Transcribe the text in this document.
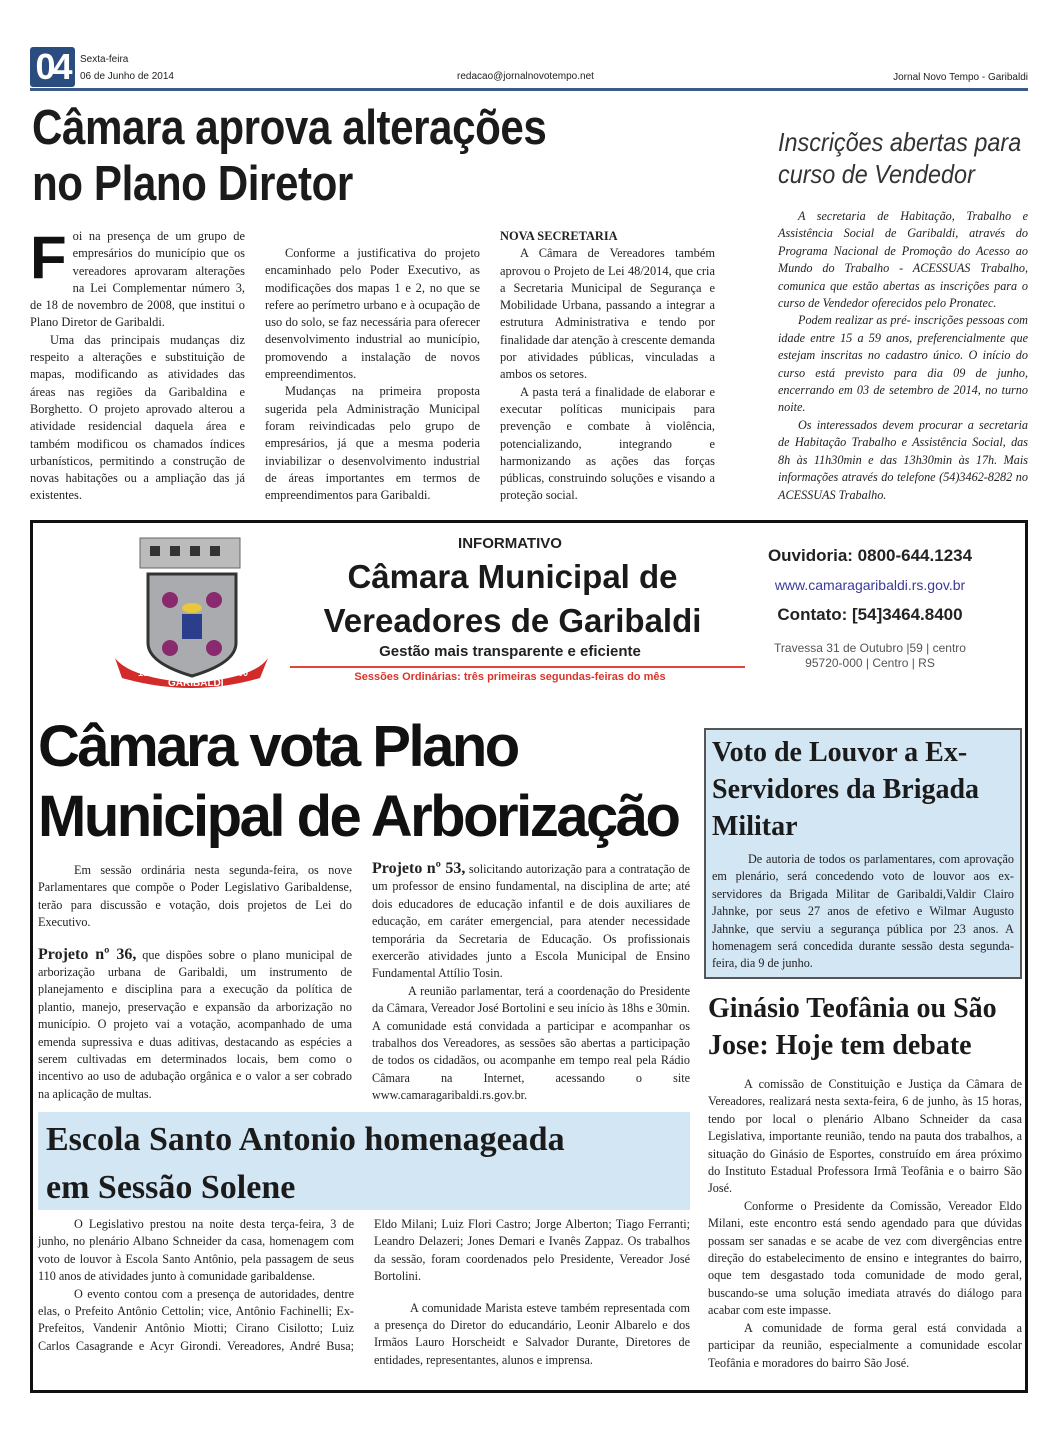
04	Sexta-feira
06 de Junho de 2014	redacao@jornalnovotempo.net	Jornal Novo Tempo - Garibaldi
Câmara aprova alterações
no Plano Diretor
F oi na presença de um grupo de empresários do município que os vereadores aprovaram alterações na Lei Complementar número 3, de 18 de novembro de 2008, que institui o Plano Diretor de Garibaldi.

Uma das principais mudanças diz respeito a alterações e substituição de mapas, modificando as atividades das áreas nas regiões da Garibaldina e Borghetto. O projeto aprovado alterou a atividade residencial daquela área e também modificou os chamados índices urbanísticos, permitindo a construção de novas habitações ou a ampliação das já existentes.

Conforme a justificativa do projeto encaminhado pelo Poder Executivo, as modificações dos mapas 1 e 2, no que se refere ao perímetro urbano e à ocupação de uso do solo, se faz necessária para oferecer desenvolvimento industrial ao município, promovendo a instalação de novos empreendimentos.

Mudanças na primeira proposta sugerida pela Administração Municipal foram reivindicadas pelo grupo de empresários, já que a mesma poderia inviabilizar o desenvolvimento industrial de áreas importantes em termos de empreendimentos para Garibaldi.

NOVA SECRETARIA

A Câmara de Vereadores também aprovou o Projeto de Lei 48/2014, que cria a Secretaria Municipal de Segurança e Mobilidade Urbana, passando a integrar a estrutura Administrativa e tendo por finalidade dar atenção à crescente demanda por atividades públicas, vinculadas a ambos os setores.

A pasta terá a finalidade de elaborar e executar políticas municipais para prevenção e combate à violência, potencializando, integrando e harmonizando as ações das forças públicas, construindo soluções e visando a proteção social.

Inscrições abertas para
curso de Vendedor

A secretaria de Habitação, Trabalho e Assistência Social de Garibaldi, através do Programa Nacional de Promoção do Acesso ao Mundo do Trabalho - ACESSUAS Trabalho, comunica que estão abertas as inscrições para o curso de Vendedor oferecidos pelo Pronatec.

Podem realizar as pré- inscrições pessoas com idade entre 15 a 59 anos, preferencialmente que estejam inscritas no cadastro único. O início do curso está previsto para dia 09 de junho, encerrando em 03 de setembro de 2014, no turno noite.

Os interessados devem procurar a secretaria de Habitação Trabalho e Assistência Social, das 8h às 11h30min e das 13h30min às 17h. Mais informações através do telefone (54)3462-8282 no ACESSUAS Trabalho.

1870
GARIBALDI
1900
INFORMATIVO
Câmara Municipal de
Vereadores de Garibaldi
Gestão mais transparente e eficiente
Sessões Ordinárias: três primeiras segundas-feiras do mês
Ouvidoria: 0800-644.1234
www.camaragaribaldi.rs.gov.br
Contato: [54]3464.8400
Travessa 31 de Outubro |59 | centro
95720-000 | Centro | RS
Câmara vota Plano
Municipal de Arborização

Em sessão ordinária nesta segunda-feira, os nove Parlamentares que compõe o Poder Legislativo Garibaldense, terão para discussão e votação, dois projetos de Lei do Executivo.

Projeto nº 36, que dispões sobre o plano municipal de arborização urbana de Garibaldi, um instrumento de planejamento e disciplina para a execução da política de plantio, manejo, preservação e expansão da arborização no município. O projeto vai a votação, acompanhado de uma emenda supressiva e duas aditivas, destacando as espécies a serem cultivadas em determinados locais, bem como o incentivo ao uso de adubação orgânica e o valor a ser cobrado na aplicação de multas.

Projeto nº 53, solicitando autorização para a contratação de um professor de ensino fundamental, na disciplina de arte; até dois educadores de educação infantil e de dois auxiliares de educação, em caráter emergencial, para atender necessidade temporária da Secretaria de Educação. Os profissionais exercerão atividades junto a Escola Municipal de Ensino Fundamental Attílio Tosin.

A reunião parlamentar, terá a coordenação do Presidente da Câmara, Vereador José Bortolini e seu início às 18hs e 30min. A comunidade está convidada a participar e acompanhar os trabalhos dos Vereadores, as sessões são abertas a participação de todos os cidadãos, ou acompanhe em tempo real pela Rádio Câmara na Internet, acessando o site www.camaragaribaldi.rs.gov.br.

Voto de Louvor a Ex-Servidores da Brigada Militar

De autoria de todos os parlamentares, com aprovação em plenário, será concedendo voto de louvor aos ex-servidores da Brigada Militar de Garibaldi,Valdir Clairo Jahnke, por seus 27 anos de efetivo e Wilmar Augusto Jahnke, que serviu a segurança pública por 23 anos. A homenagem será concedida durante sessão desta segunda-feira, dia 9 de junho.

Ginásio Teofânia ou São Jose: Hoje tem debate

A comissão de Constituição e Justiça da Câmara de Vereadores, realizará nesta sexta-feira, 6 de junho, às 15 horas, tendo por local o plenário Albano Schneider da casa Legislativa, importante reunião, tendo na pauta dos trabalhos, a situação do Ginásio de Esportes, construído em área próximo do Instituto Estadual Professora Irmã Teofânia e o bairro São José.

Conforme o Presidente da Comissão, Vereador Eldo Milani, este encontro está sendo agendado para que dúvidas possam ser sanadas e se acabe de vez com divergências entre direção do estabelecimento de ensino e integrantes do bairro, oque tem desgastado toda comunidade de modo geral, buscando-se uma solução imediata através do diálogo para acabar com este impasse.

A comunidade de forma geral está convidada a participar da reunião, especialmente a comunidade escolar Teofânia e moradores do bairro São José.

Escola Santo Antonio homenageada
em Sessão Solene

O Legislativo prestou na noite desta terça-feira, 3 de junho, no plenário Albano Schneider da casa, homenagem com voto de louvor à Escola Santo Antônio, pela passagem de seus 110 anos de atividades junto à comunidade garibaldense.

O evento contou com a presença de autoridades, dentre elas, o Prefeito Antônio Cettolin; vice, Antônio Fachinelli; Ex-Prefeitos, Vandenir Antônio Miotti; Cirano Cisilotto; Luiz Carlos Casagrande e Acyr Girondi. Vereadores, André Busa; Eldo Milani; Luiz Flori Castro; Jorge Alberton; Tiago Ferranti; Leandro Delazeri; Jones Demari e Ivanês Zappaz. Os trabalhos da sessão, foram coordenados pelo Presidente, Vereador José Bortolini.

A comunidade Marista esteve também representada com a presença do Diretor do educandário, Leonir Albarelo e dos Irmãos Lauro Horscheidt e Salvador Durante, Diretores de entidades, representantes, alunos e imprensa.
